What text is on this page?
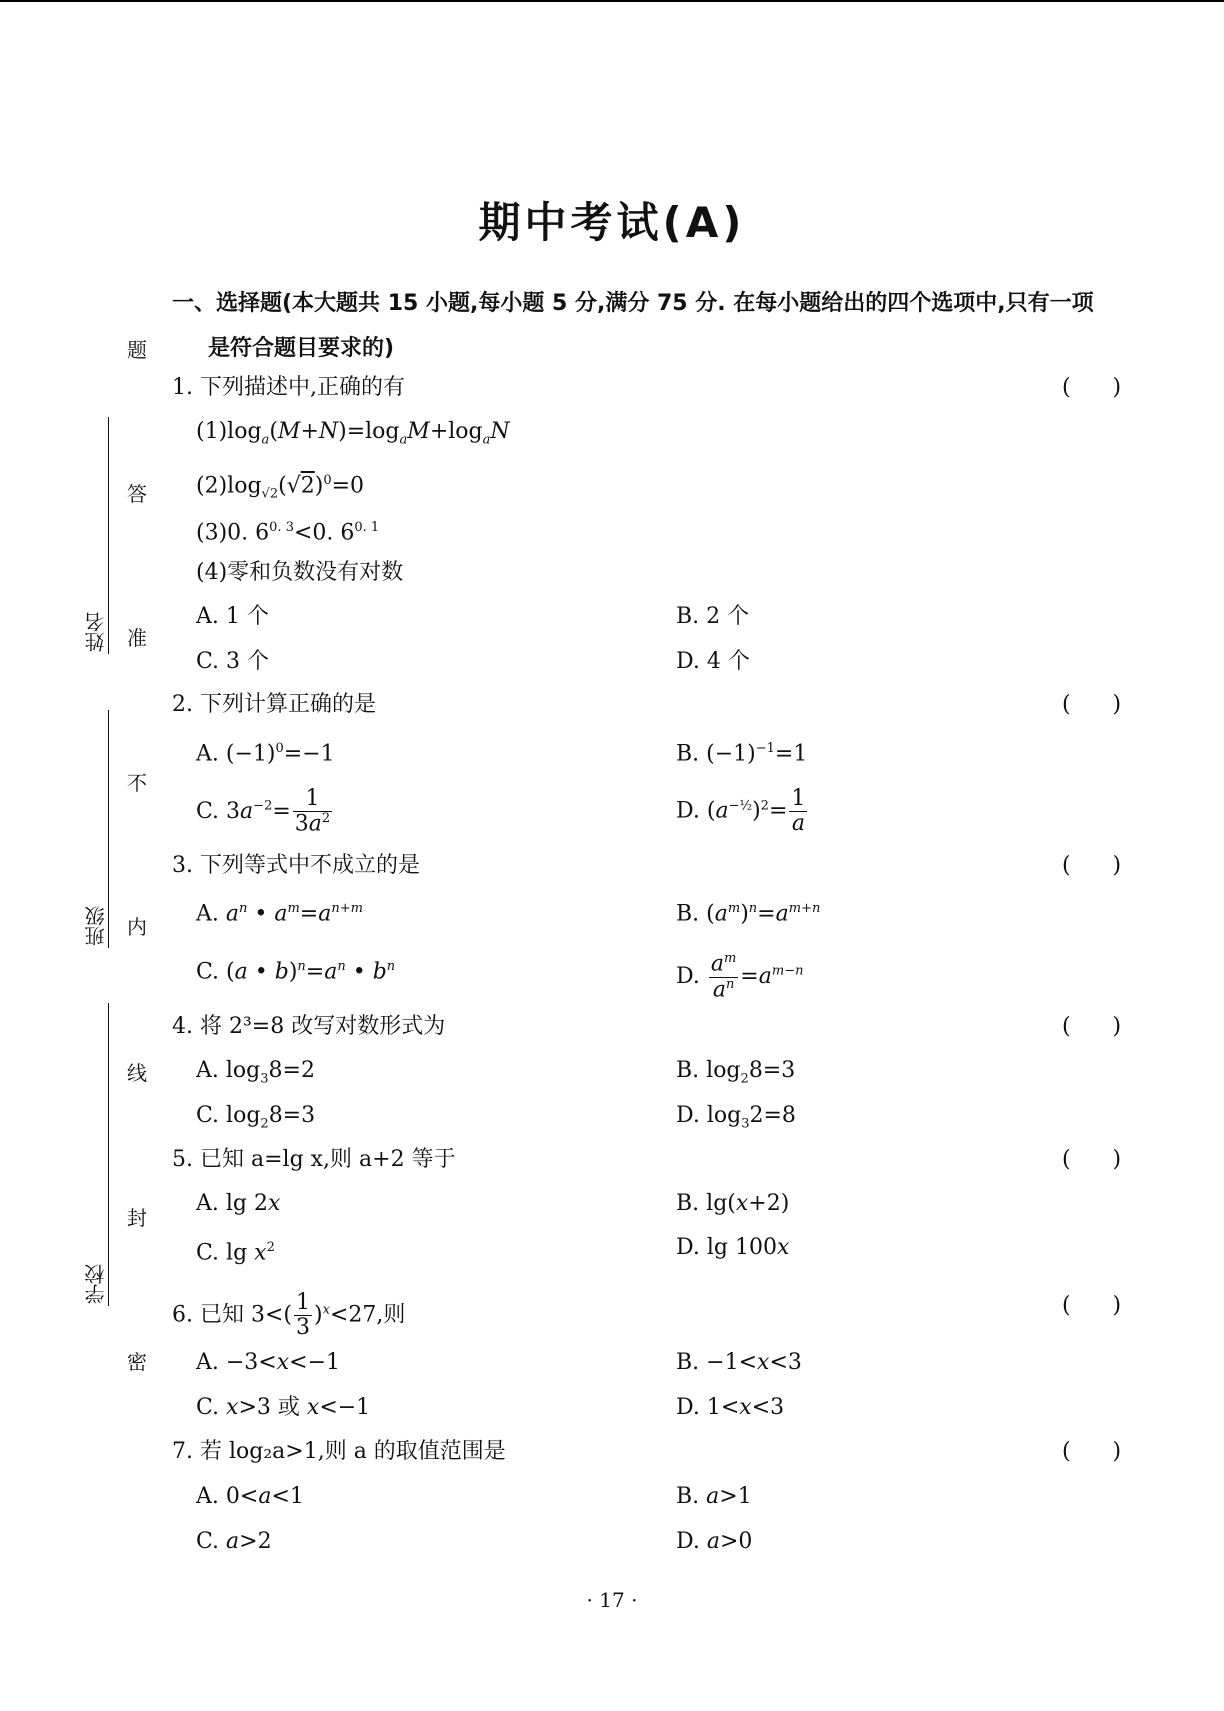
姓名
班级
学校
题
答
准
不
内
线
封
密
期中考试(A)
一、选择题(本大题共 15 小题,每小题 5 分,满分 75 分. 在每小题给出的四个选项中,只有一项
是符合题目要求的)
1. 下列描述中,正确的有	(      )
$(1)\log_a(M+N)=\log_aM+\log_aN$
$(2)\log_{√2}(√2)^0=0$
(3)0. $6^{0. 3}<0$. $6^{0. 1}$
(4)零和负数没有对数
A. 1 个	B. 2 个
C. 3 个	D. 4 个
2. 下列计算正确的是	(      )
A. $(-1)^0=-1$	B. $(-1)^{-1}=1$
C. $3a^{-2}= \frac{1}{3a^2}$	D. $(a^{-\frac{1}{2}})^2= \frac{1}{a}$
3. 下列等式中不成立的是	(      )
A. $a^n$ • $a^m=a^{n+m}$	B. $(a^m)^n=a^{m+n}$
C. (a • $b)^n=a^n$ • $b^n$	D. $\frac{a^m}{a^n} =a^{m-n}$
4. 将 2³=8 改写对数形式为	(      )
A. $\log_38=2$	B. $\log_28=3$
C. $\log_28=3$	D. $\log_32=8$
5. 已知 a=lg x,则 a+2 等于	(      )
A. lg 2x	B. lg(x+2)
C. $\lg x^2$	D. lg 100x
6. 已知 $3<( \frac{1}{3} )^x<27$,则	(      )
A. −3<x<−1	B. −1<x<3
C. x>3 或 x<−1	D. 1<x<3
7. 若 log₂a>1,则 a 的取值范围是	(      )
A. 0<a<1	B. a>1
C. a>2	D. a>0
· 17 ·
